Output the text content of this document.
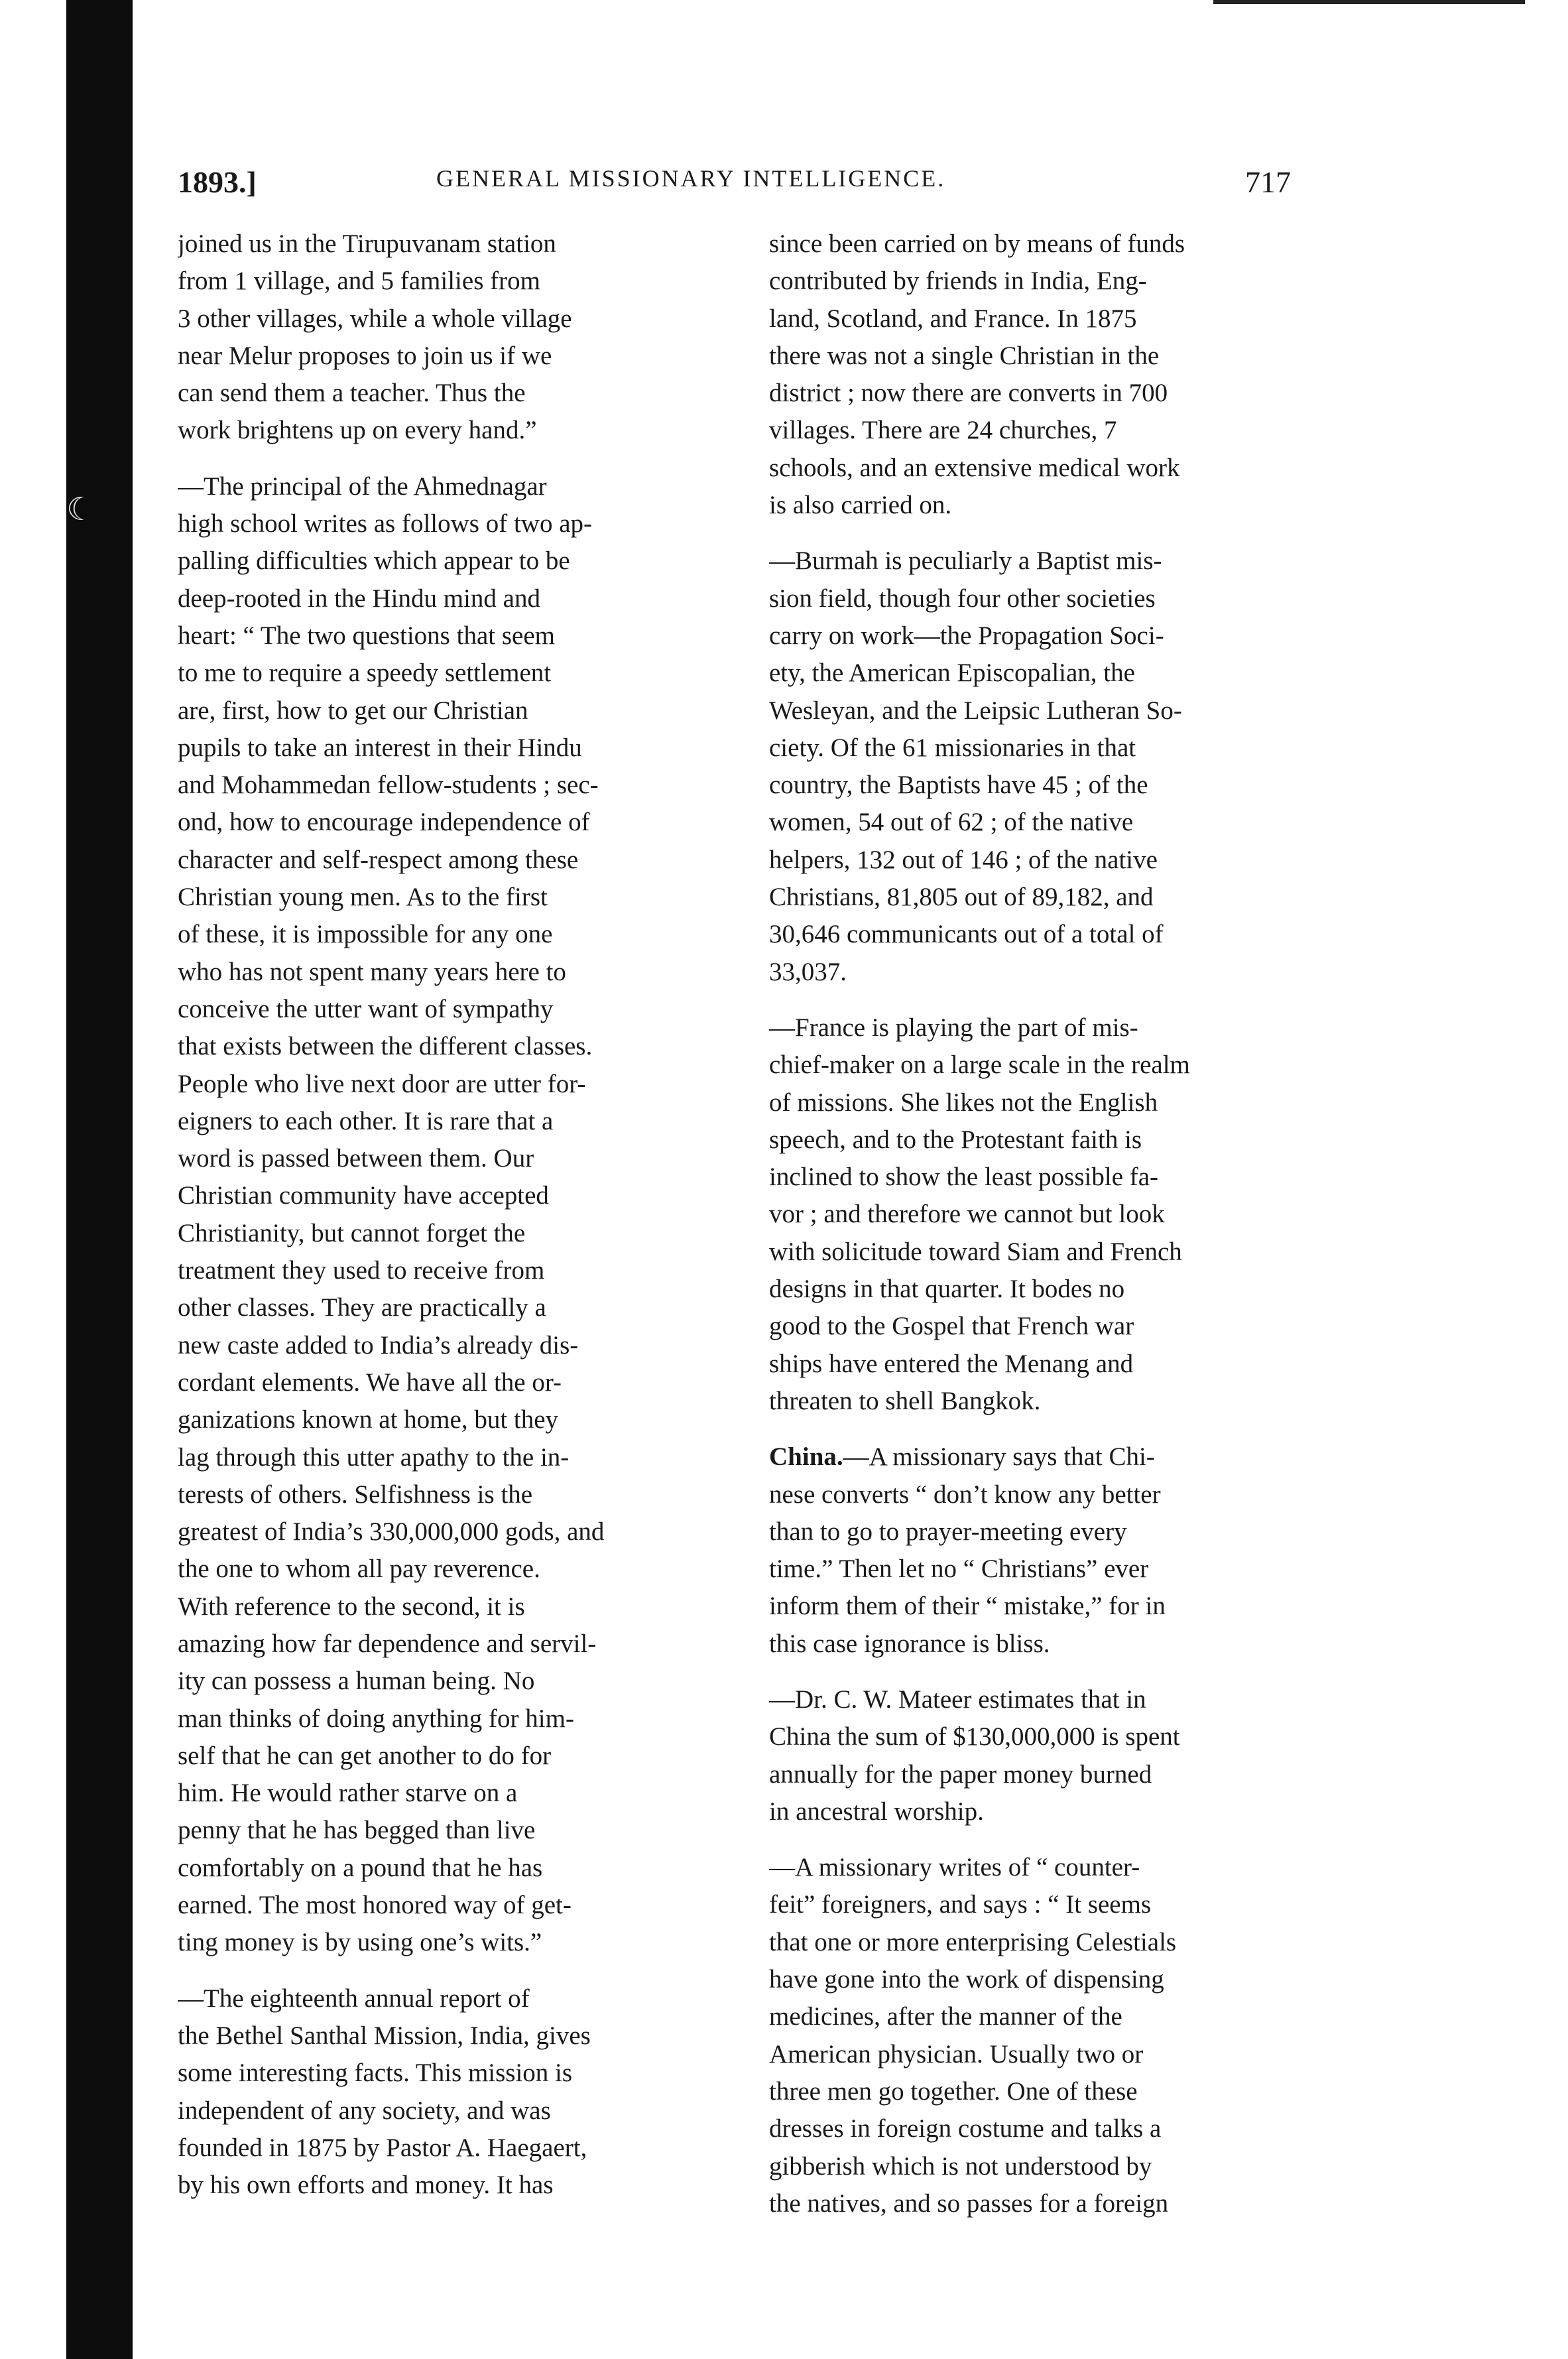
☾
1893.]	GENERAL MISSIONARY INTELLIGENCE.	717
joined us in the Tirupuvanam station
from 1 village, and 5 families from
3 other villages, while a whole village
near Melur proposes to join us if we
can send them a teacher. Thus the
work brightens up on every hand.”
—The principal of the Ahmednagar
high school writes as follows of two ap-
palling difficulties which appear to be
deep-rooted in the Hindu mind and
heart: “ The two questions that seem
to me to require a speedy settlement
are, first, how to get our Christian
pupils to take an interest in their Hindu
and Mohammedan fellow-students ; sec-
ond, how to encourage independence of
character and self-respect among these
Christian young men. As to the first
of these, it is impossible for any one
who has not spent many years here to
conceive the utter want of sympathy
that exists between the different classes.
People who live next door are utter for-
eigners to each other. It is rare that a
word is passed between them. Our
Christian community have accepted
Christianity, but cannot forget the
treatment they used to receive from
other classes. They are practically a
new caste added to India’s already dis-
cordant elements. We have all the or-
ganizations known at home, but they
lag through this utter apathy to the in-
terests of others. Selfishness is the
greatest of India’s 330,000,000 gods, and
the one to whom all pay reverence.
With reference to the second, it is
amazing how far dependence and servil-
ity can possess a human being. No
man thinks of doing anything for him-
self that he can get another to do for
him. He would rather starve on a
penny that he has begged than live
comfortably on a pound that he has
earned. The most honored way of get-
ting money is by using one’s wits.”
—The eighteenth annual report of
the Bethel Santhal Mission, India, gives
some interesting facts. This mission is
independent of any society, and was
founded in 1875 by Pastor A. Haegaert,
by his own efforts and money. It has
since been carried on by means of funds
contributed by friends in India, Eng-
land, Scotland, and France. In 1875
there was not a single Christian in the
district ; now there are converts in 700
villages. There are 24 churches, 7
schools, and an extensive medical work
is also carried on.
—Burmah is peculiarly a Baptist mis-
sion field, though four other societies
carry on work—the Propagation Soci-
ety, the American Episcopalian, the
Wesleyan, and the Leipsic Lutheran So-
ciety. Of the 61 missionaries in that
country, the Baptists have 45 ; of the
women, 54 out of 62 ; of the native
helpers, 132 out of 146 ; of the native
Christians, 81,805 out of 89,182, and
30,646 communicants out of a total of
33,037.
—France is playing the part of mis-
chief-maker on a large scale in the realm
of missions. She likes not the English
speech, and to the Protestant faith is
inclined to show the least possible fa-
vor ; and therefore we cannot but look
with solicitude toward Siam and French
designs in that quarter. It bodes no
good to the Gospel that French war
ships have entered the Menang and
threaten to shell Bangkok.
China.—A missionary says that Chi-
nese converts “ don’t know any better
than to go to prayer-meeting every
time.” Then let no “ Christians” ever
inform them of their “ mistake,” for in
this case ignorance is bliss.
—Dr. C. W. Mateer estimates that in
China the sum of $130,000,000 is spent
annually for the paper money burned
in ancestral worship.
—A missionary writes of “ counter-
feit” foreigners, and says : “ It seems
that one or more enterprising Celestials
have gone into the work of dispensing
medicines, after the manner of the
American physician. Usually two or
three men go together. One of these
dresses in foreign costume and talks a
gibberish which is not understood by
the natives, and so passes for a foreign
